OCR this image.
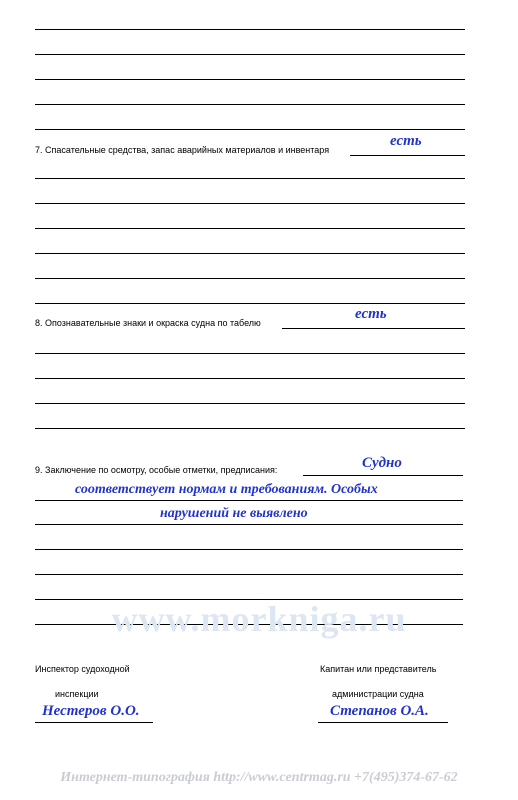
7. Спасательные средства, запас аварийных материалов и инвентаря
есть
8. Опознавательные знаки и окраска судна по табелю
есть
9. Заключение по осмотру, особые отметки, предписания:	Судно
соответствует нормам и требованиям. Особых
нарушений не выявлено
www.morkniga.ru
Инспектор судоходной
инспекции
Нестеров О.О.
Капитан или представитель
администрации судна
Степанов О.А.
Интернет-типография http://www.centrmag.ru +7(495)374-67-62
